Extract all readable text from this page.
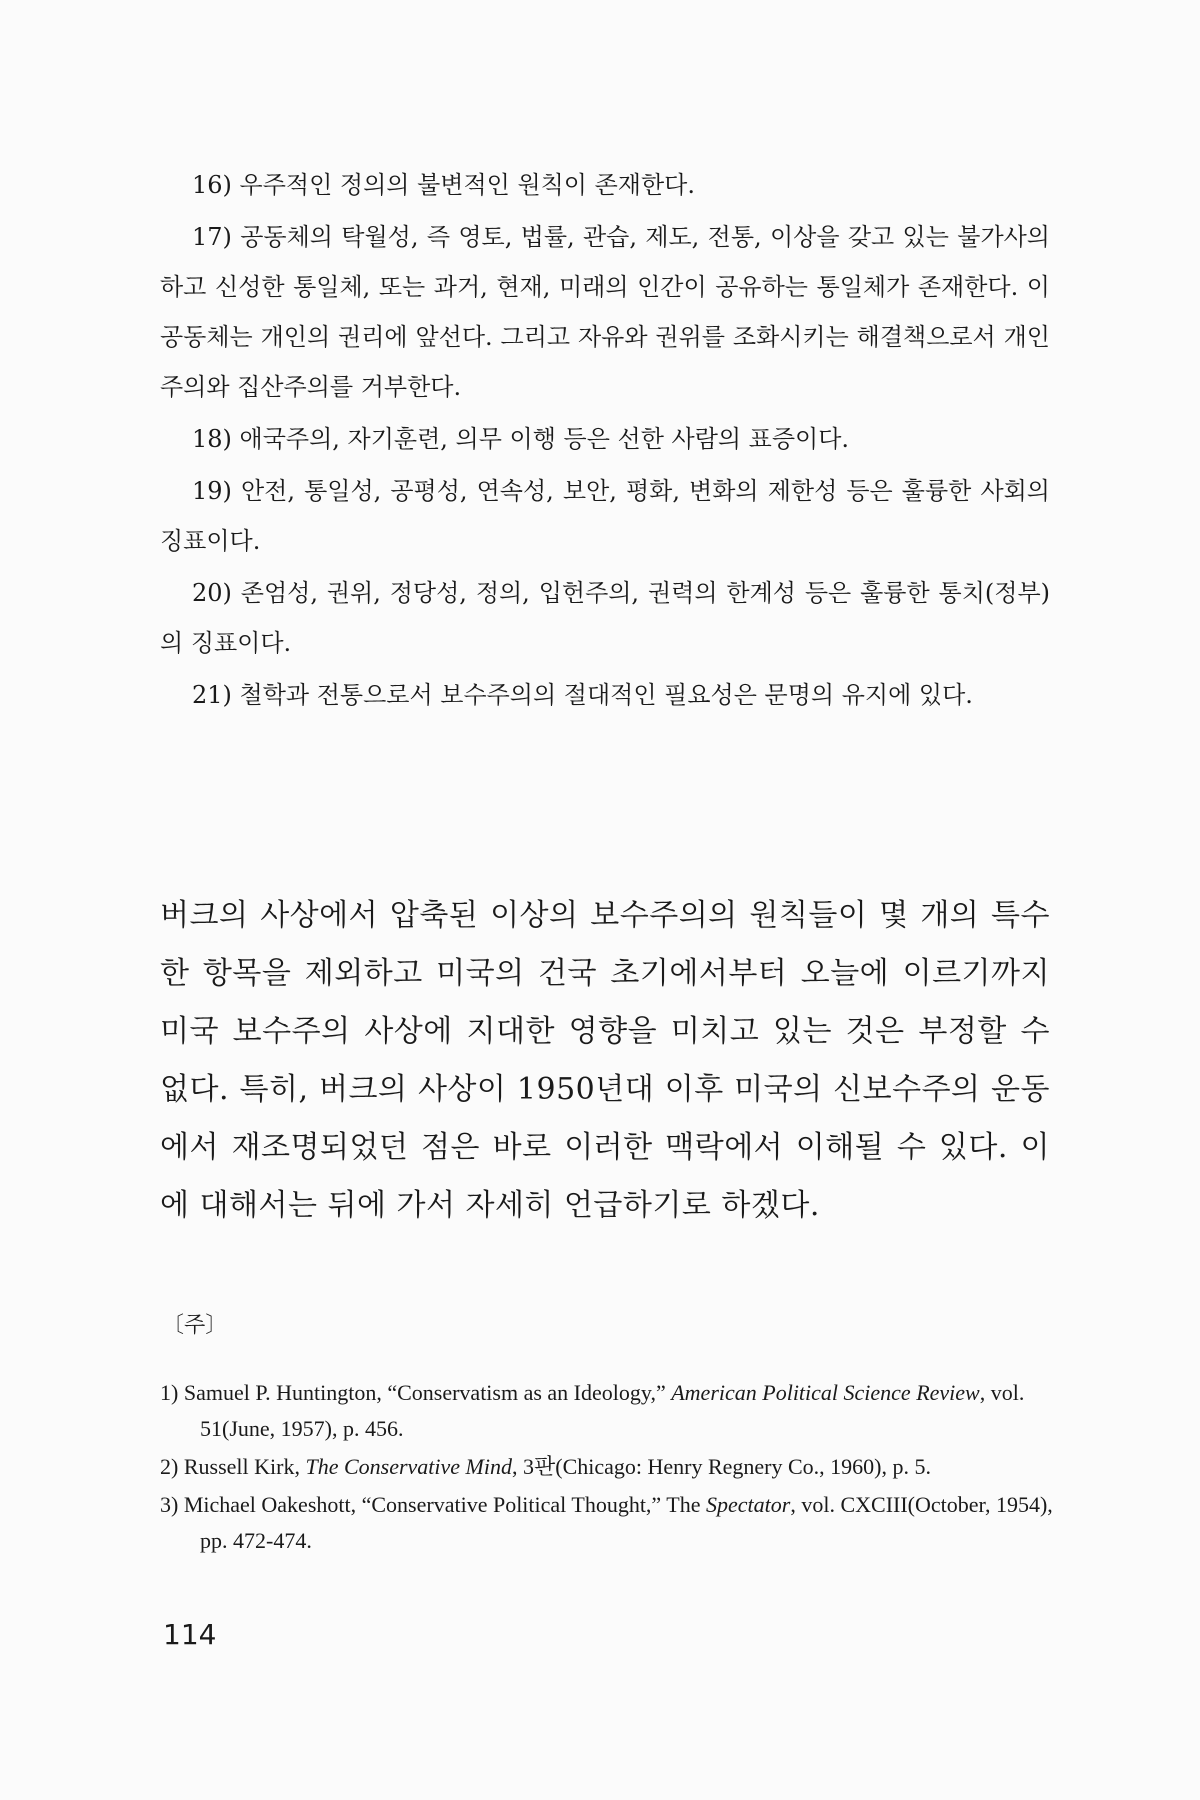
16) 우주적인 정의의 불변적인 원칙이 존재한다.

17) 공동체의 탁월성, 즉 영토, 법률, 관습, 제도, 전통, 이상을 갖고 있는 불가사의하고 신성한 통일체, 또는 과거, 현재, 미래의 인간이 공유하는 통일체가 존재한다. 이 공동체는 개인의 권리에 앞선다. 그리고 자유와 권위를 조화시키는 해결책으로서 개인주의와 집산주의를 거부한다.

18) 애국주의, 자기훈련, 의무 이행 등은 선한 사람의 표증이다.

19) 안전, 통일성, 공평성, 연속성, 보안, 평화, 변화의 제한성 등은 훌륭한 사회의 징표이다.

20) 존엄성, 권위, 정당성, 정의, 입헌주의, 권력의 한계성 등은 훌륭한 통치(정부)의 징표이다.

21) 철학과 전통으로서 보수주의의 절대적인 필요성은 문명의 유지에 있다.

버크의 사상에서 압축된 이상의 보수주의의 원칙들이 몇 개의 특수한 항목을 제외하고 미국의 건국 초기에서부터 오늘에 이르기까지 미국 보수주의 사상에 지대한 영향을 미치고 있는 것은 부정할 수 없다. 특히, 버크의 사상이 1950년대 이후 미국의 신보수주의 운동에서 재조명되었던 점은 바로 이러한 맥락에서 이해될 수 있다. 이에 대해서는 뒤에 가서 자세히 언급하기로 하겠다.
〔주〕
1) Samuel P. Huntington, “Conservatism as an Ideology,” American Political Science Review, vol. 51(June, 1957), p. 456.
2) Russell Kirk, The Conservative Mind, 3판(Chicago: Henry Regnery Co., 1960), p. 5.
3) Michael Oakeshott, “Conservative Political Thought,” The Spectator, vol. CXCIII(October, 1954), pp. 472-474.
114
